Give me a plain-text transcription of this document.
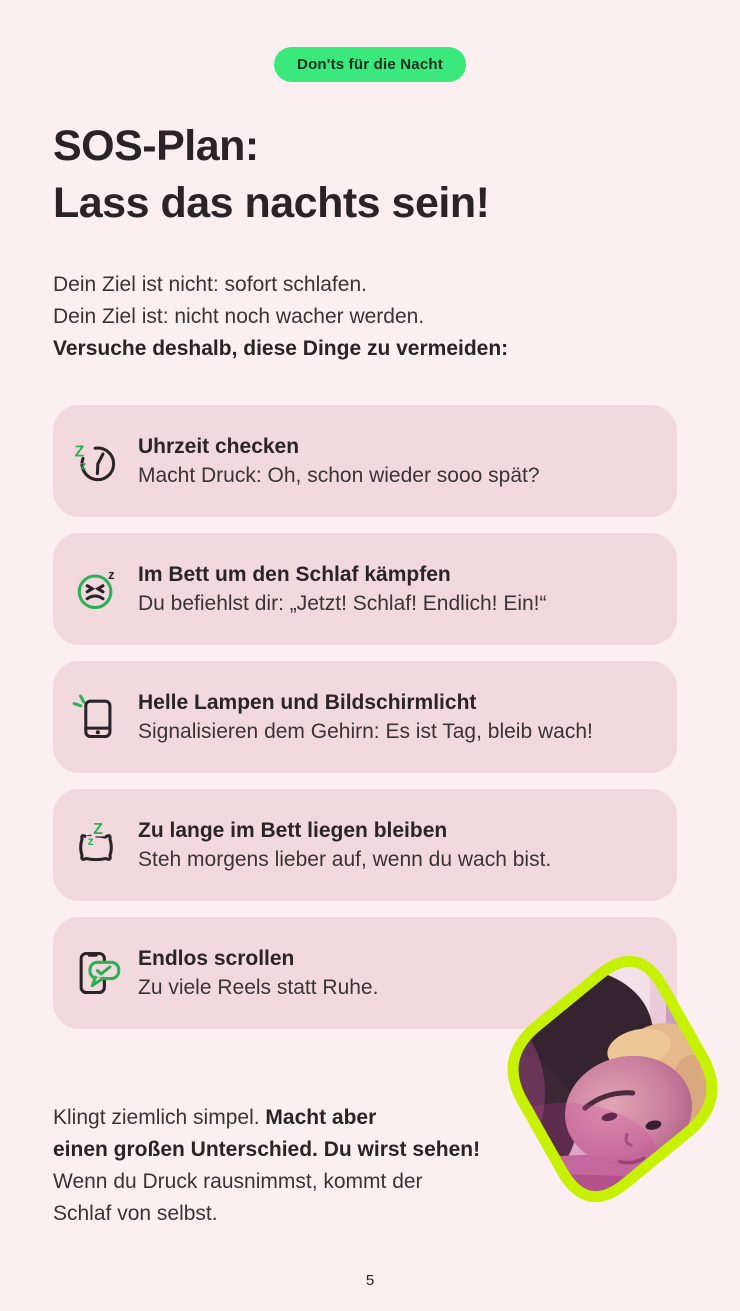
Don'ts für die Nacht
SOS-Plan:
Lass das nachts sein!
Dein Ziel ist nicht: sofort schlafen.
Dein Ziel ist: nicht noch wacher werden.
Versuche deshalb, diese Dinge zu vermeiden:
Z
z
Uhrzeit checken
Macht Druck: Oh, schon wieder sooo spät?
z Im Bett um den Schlaf kämpfen
Du befiehlst dir: „Jetzt! Schlaf! Endlich! Ein!“
Helle Lampen und Bildschirmlicht
Signalisieren dem Gehirn: Es ist Tag, bleib wach!
Z
z Zu lange im Bett liegen bleiben
Steh morgens lieber auf, wenn du wach bist.
Endlos scrollen
Zu viele Reels statt Ruhe.
Klingt ziemlich simpel. Macht aber
einen großen Unterschied. Du wirst sehen!
Wenn du Druck rausnimmst, kommt der
Schlaf von selbst.
5
